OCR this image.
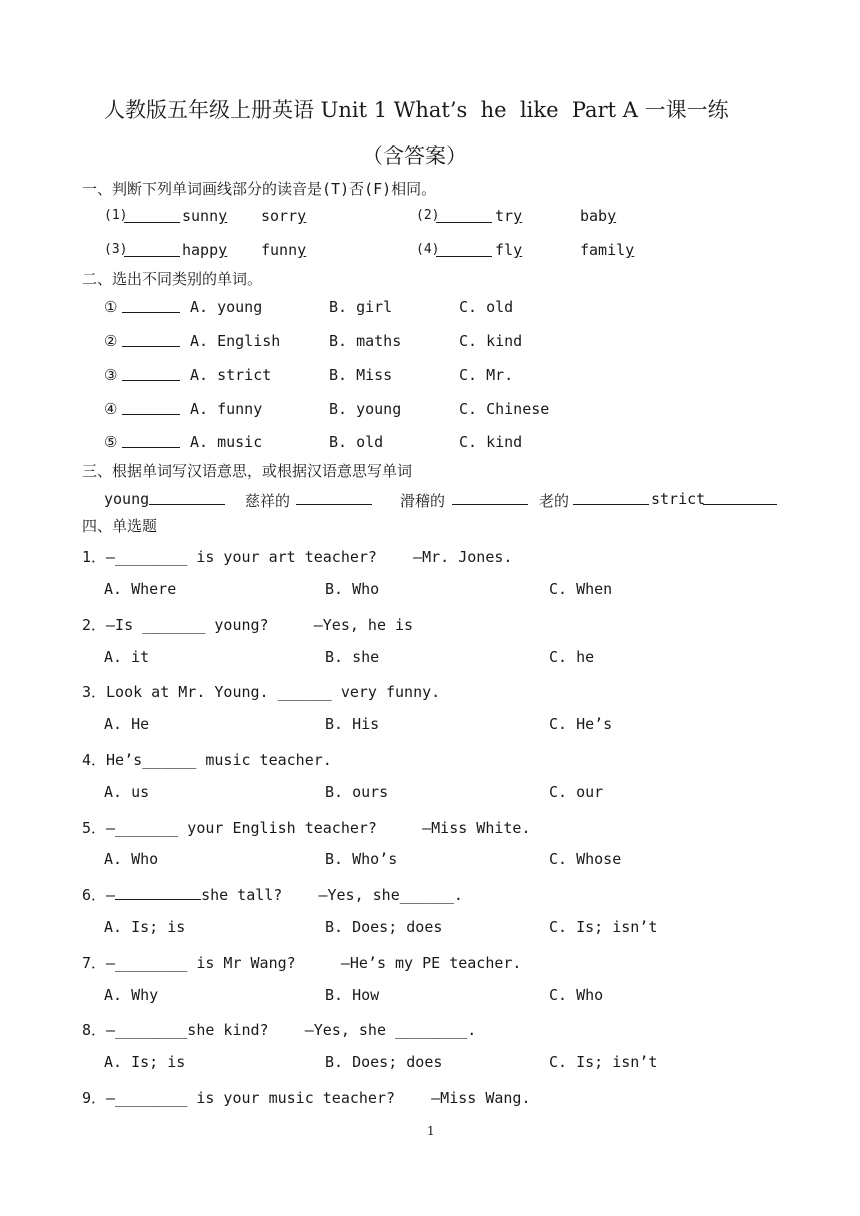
人教版五年级上册英语 Unit 1 What’s  he  like  Part A 一课一练
（含答案）
一、判断下列单词画线部分的读音是(T)否(F)相同。
(1)	sunny sorry	(2)	try	baby
(3)	happy funny	(4)	fly	family
二、选出不同类别的单词。
①	A. young	B. girl	C. old
②	A. English	B. maths	C. kind
③	A. strict	B. Miss	C. Mr.
④	A. funny	B. young	C. Chinese
⑤	A. music	B. old	C. kind
三、根据单词写汉语意思，或根据汉语意思写单词
young	慈祥的	滑稽的	老的	strict
四、单选题
1．—________ is your art teacher?    —Mr. Jones.
A. Where	B. Who	C. When
2．—Is _______ young?     —Yes, he is
A. it	B. she	C. he
3．Look at Mr. Young. ______ very funny.
A. He	B. His	C. He’s
4．He’s______ music teacher.
A. us	B. ours	C. our
5．—_______ your English teacher?     —Miss White.
A. Who	B. Who’s	C. Whose
6．—	she tall?    —Yes, she______.
A. Is; is	B. Does; does	C. Is; isn’t
7．—________ is Mr Wang?     —He’s my PE teacher.
A. Why	B. How	C. Who
8．—________she kind?    —Yes, she ________.
A. Is; is	B. Does; does	C. Is; isn’t
9．—________ is your music teacher?    —Miss Wang.
1
